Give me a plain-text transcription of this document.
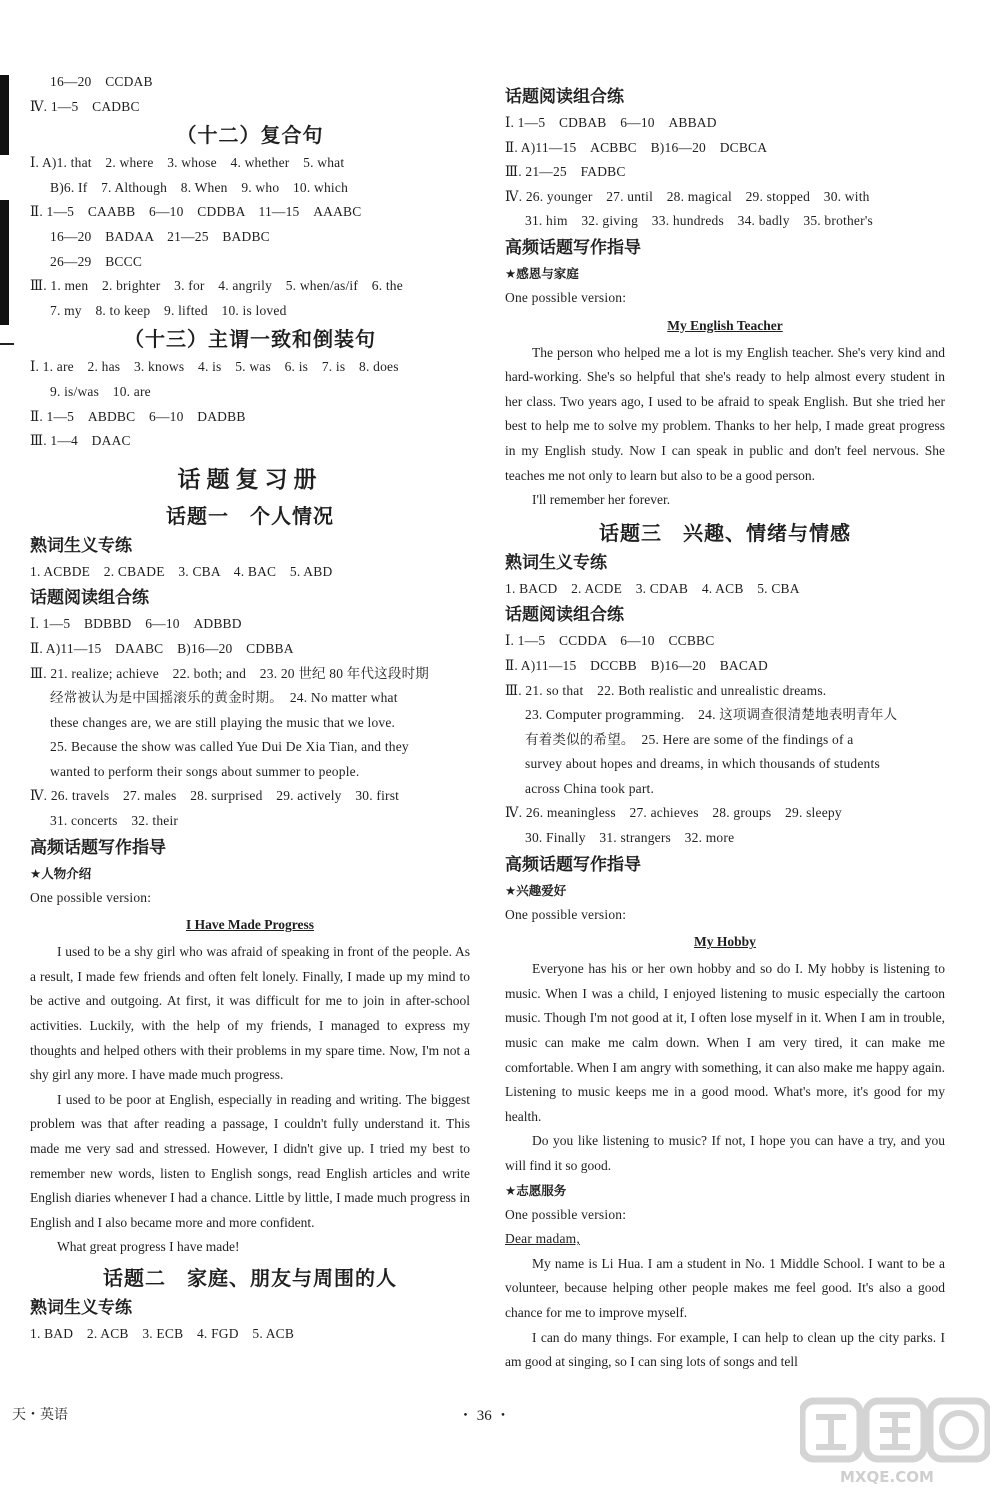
16—20　CCDAB
Ⅳ. 1—5　CADBC
（十二）复合句
Ⅰ. A)1. that　2. where　3. whose　4. whether　5. what
B)6. If　7. Although　8. When　9. who　10. which
Ⅱ. 1—5　CAABB　6—10　CDDBA　11—15　AAABC
16—20　BADAA　21—25　BADBC
26—29　BCCC
Ⅲ. 1. men　2. brighter　3. for　4. angrily　5. when/as/if　6. the
7. my　8. to keep　9. lifted　10. is loved
（十三）主谓一致和倒装句
Ⅰ. 1. are　2. has　3. knows　4. is　5. was　6. is　7. is　8. does
9. is/was　10. are
Ⅱ. 1—5　ABDBC　6—10　DADBB
Ⅲ. 1—4　DAAC
话题复习册
话题一　个人情况
熟词生义专练
1. ACBDE　2. CBADE　3. CBA　4. BAC　5. ABD
话题阅读组合练
Ⅰ. 1—5　BDBBD　6—10　ADBBD
Ⅱ. A)11—15　DAABC　B)16—20　CDBBA
Ⅲ. 21. realize; achieve　22. both; and　23. 20 世纪 80 年代这段时期
经常被认为是中国摇滚乐的黄金时期。　24. No matter what
these changes are, we are still playing the music that we love.
25. Because the show was called Yue Dui De Xia Tian, and they
wanted to perform their songs about summer to people.
Ⅳ. 26. travels　27. males　28. surprised　29. actively　30. first
31. concerts　32. their
高频话题写作指导
★人物介绍
One possible version:
I Have Made Progress

I used to be a shy girl who was afraid of speaking in front of the people. As a result, I made few friends and often felt lonely. Finally, I made up my mind to be active and outgoing. At first, it was difficult for me to join in after-school activities. Luckily, with the help of my friends, I managed to express my thoughts and helped others with their problems in my spare time. Now, I'm not a shy girl any more. I have made much progress.

I used to be poor at English, especially in reading and writing. The biggest problem was that after reading a passage, I couldn't fully understand it. This made me very sad and stressed. However, I didn't give up. I tried my best to remember new words, listen to English songs, read English articles and write English diaries whenever I had a chance. Little by little, I made much progress in English and I also became more and more confident.

What great progress I have made!

话题二　家庭、朋友与周围的人
熟词生义专练
1. BAD　2. ACB　3. ECB　4. FGD　5. ACB
话题阅读组合练
Ⅰ. 1—5　CDBAB　6—10　ABBAD
Ⅱ. A)11—15　ACBBC　B)16—20　DCBCA
Ⅲ. 21—25　FADBC
Ⅳ. 26. younger　27. until　28. magical　29. stopped　30. with
31. him　32. giving　33. hundreds　34. badly　35. brother's
高频话题写作指导
★感恩与家庭
One possible version:
My English Teacher

The person who helped me a lot is my English teacher. She's very kind and hard-working. She's so helpful that she's ready to help almost every student in her class. Two years ago, I used to be afraid to speak English. But she tried her best to help me to solve my problem. Thanks to her help, I made great progress in my English study. Now I can speak in public and don't feel nervous. She teaches me not only to learn but also to be a good person.

I'll remember her forever.

话题三　兴趣、情绪与情感
熟词生义专练
1. BACD　2. ACDE　3. CDAB　4. ACB　5. CBA
话题阅读组合练
Ⅰ. 1—5　CCDDA　6—10　CCBBC
Ⅱ. A)11—15　DCCBB　B)16—20　BACAD
Ⅲ. 21. so that　22. Both realistic and unrealistic dreams.
23. Computer programming.　24. 这项调查很清楚地表明青年人
有着类似的希望。　25. Here are some of the findings of a
survey about hopes and dreams, in which thousands of students
across China took part.
Ⅳ. 26. meaningless　27. achieves　28. groups　29. sleepy
30. Finally　31. strangers　32. more
高频话题写作指导
★兴趣爱好
One possible version:
My Hobby

Everyone has his or her own hobby and so do I. My hobby is listening to music. When I was a child, I enjoyed listening to music especially the cartoon music. Though I'm not good at it, I often lose myself in it. When I am in trouble, music can make me calm down. When I am very tired, it can make me comfortable. When I am angry with something, it can also make me happy again. Listening to music keeps me in a good mood. What's more, it's good for my health.

Do you like listening to music? If not, I hope you can have a try, and you will find it so good.

★志愿服务
One possible version:
Dear madam,

My name is Li Hua. I am a student in No. 1 Middle School. I want to be a volunteer, because helping other people makes me feel good. It's also a good chance for me to improve myself.

I can do many things. For example, I can help to clean up the city parks. I am good at singing, so I can sing lots of songs and tell

天・英语	・ 36 ・
MXQE.COM
